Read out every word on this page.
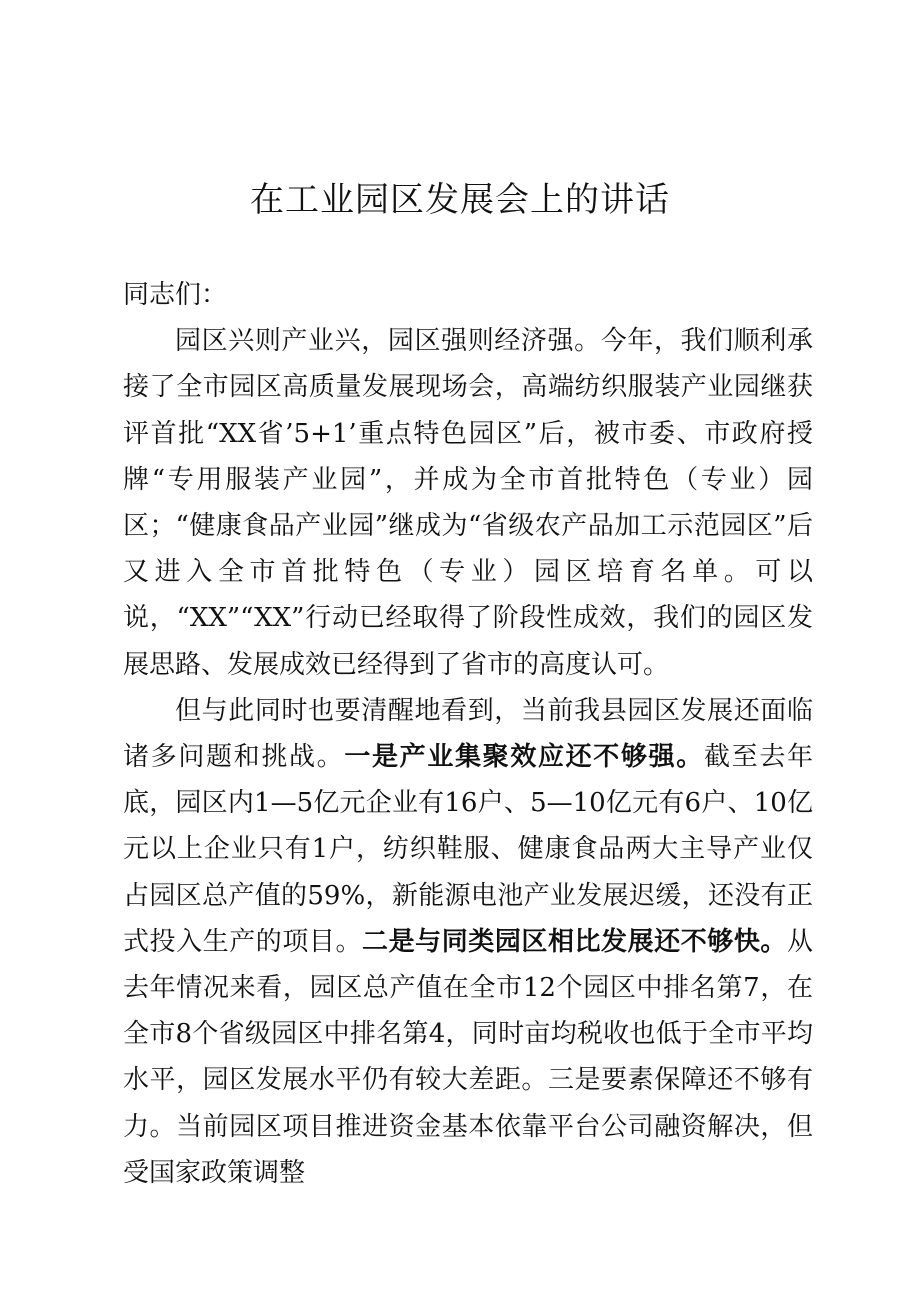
在工业园区发展会上的讲话

同志们：

园区兴则产业兴，园区强则经济强。今年，我们顺利承接了全市园区高质量发展现场会，高端纺织服装产业园继获评首批“XX省’5+1’重点特色园区”后，被市委、市政府授牌“专用服装产业园”，并成为全市首批特色（专业）园区；“健康食品产业园”继成为“省级农产品加工示范园区”后又进入全市首批特色（专业）园区培育名单。可以说，“XX”“XX”行动已经取得了阶段性成效，我们的园区发展思路、发展成效已经得到了省市的高度认可。

但与此同时也要清醒地看到，当前我县园区发展还面临诸多问题和挑战。一是产业集聚效应还不够强。截至去年底，园区内1—5亿元企业有16户、5—10亿元有6户、10亿元以上企业只有1户，纺织鞋服、健康食品两大主导产业仅占园区总产值的59%，新能源电池产业发展迟缓，还没有正式投入生产的项目。二是与同类园区相比发展还不够快。从去年情况来看，园区总产值在全市12个园区中排名第7，在全市8个省级园区中排名第4，同时亩均税收也低于全市平均水平，园区发展水平仍有较大差距。三是要素保障还不够有力。当前园区项目推进资金基本依靠平台公司融资解决，但受国家政策调整
